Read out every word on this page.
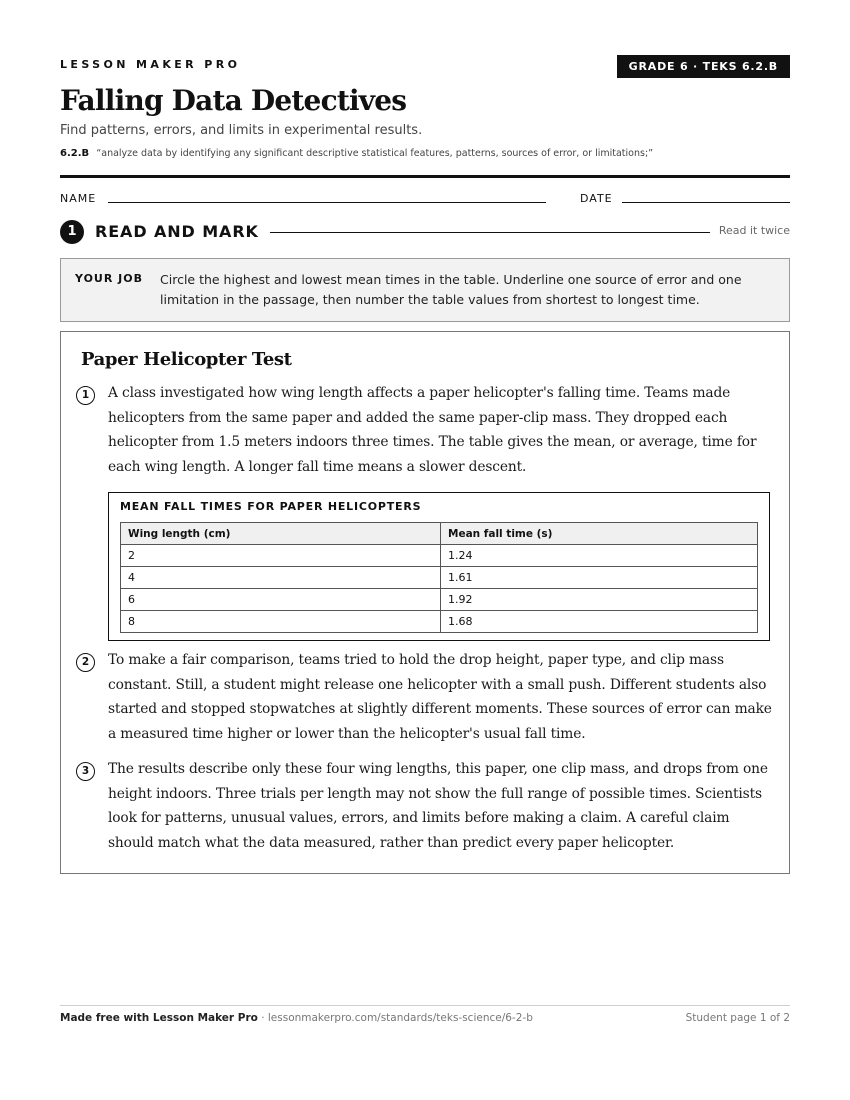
LESSON MAKER PRO	GRADE 6 · TEKS 6.2.B
Falling Data Detectives
Find patterns, errors, and limits in experimental results.
6.2.B “analyze data by identifying any significant descriptive statistical features, patterns, sources of error, or limitations;”
NAME	DATE
1	READ AND MARK	Read it twice
YOUR JOB Circle the highest and lowest mean times in the table. Underline one source of error and one limitation in the passage, then number the table values from shortest to longest time.
Paper Helicopter Test
1	A class investigated how wing length affects a paper helicopter's falling time. Teams made helicopters from the same paper and added the same paper-clip mass. They dropped each helicopter from 1.5 meters indoors three times. The table gives the mean, or average, time for each wing length. A longer fall time means a slower descent.

MEAN FALL TIMES FOR PAPER HELICOPTERS
Wing length (cm)	Mean fall time (s)
2	1.24
4	1.61
6	1.92
8	1.68
2	To make a fair comparison, teams tried to hold the drop height, paper type, and clip mass constant. Still, a student might release one helicopter with a small push. Different students also started and stopped stopwatches at slightly different moments. These sources of error can make a measured time higher or lower than the helicopter's usual fall time.

3	The results describe only these four wing lengths, this paper, one clip mass, and drops from one height indoors. Three trials per length may not show the full range of possible times. Scientists look for patterns, unusual values, errors, and limits before making a claim. A careful claim should match what the data measured, rather than predict every paper helicopter.

Made free with Lesson Maker Pro · lessonmakerpro.com/standards/teks-science/6-2-b	Student page 1 of 2
